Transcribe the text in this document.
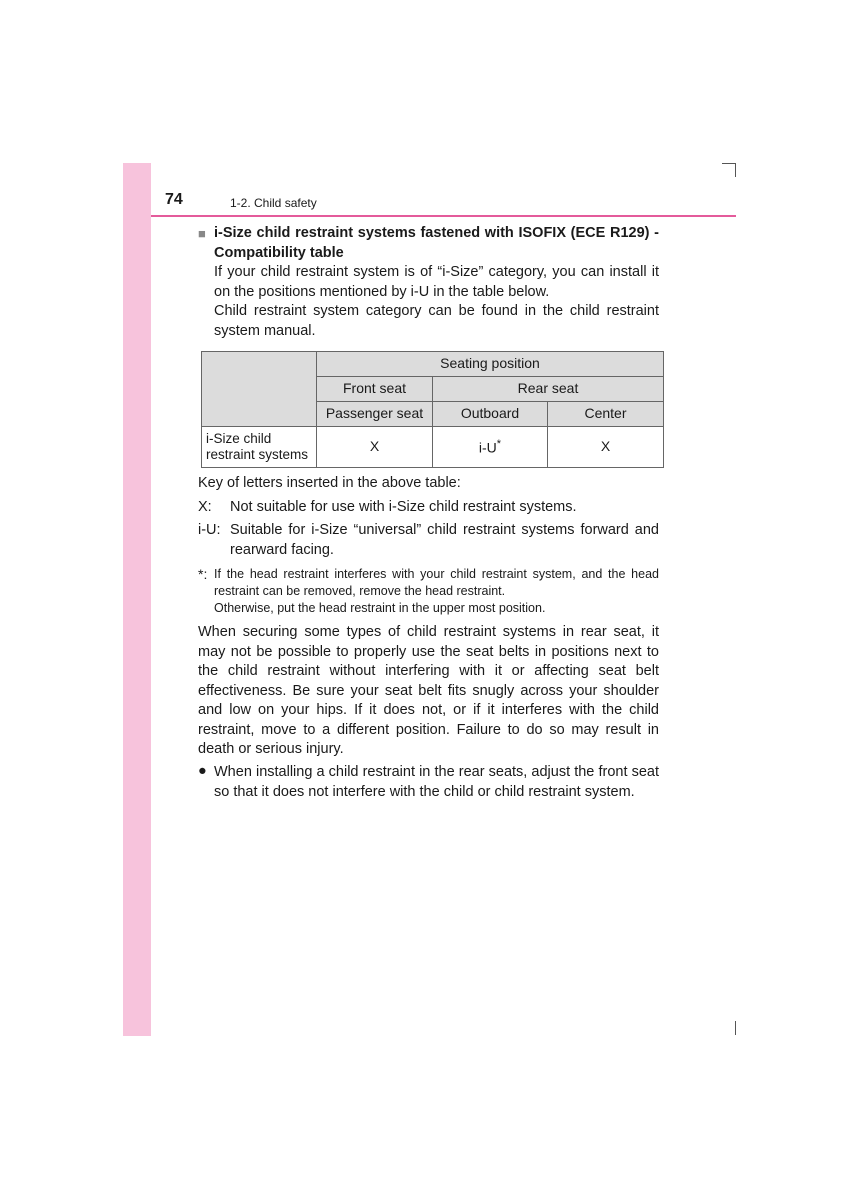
74	1-2. Child safety
■ i-Size child restraint systems fastened with ISOFIX (ECE R129) - Compatibility table

If your child restraint system is of “i-Size” category, you can install it on the positions mentioned by i-U in the table below.

Child restraint system category can be found in the child restraint system manual.

	Seating position		
	Front seat	Rear seat	
	Passenger seat	Outboard	Center
i-Size child restraint systems	X	i-U*	X

Key of letters inserted in the above table:

X:	Not suitable for use with i-Size child restraint systems.
i-U: Suitable for i-Size “universal” child restraint systems forward and rearward facing.
*: If the head restraint interferes with your child restraint system, and the head restraint can be removed, remove the head restraint.

Otherwise, put the head restraint in the upper most position.

When securing some types of child restraint systems in rear seat, it may not be possible to properly use the seat belts in positions next to the child restraint without interfering with it or affecting seat belt effectiveness. Be sure your seat belt fits snugly across your shoulder and low on your hips. If it does not, or if it interferes with the child restraint, move to a different position. Failure to do so may result in death or serious injury.

● When installing a child restraint in the rear seats, adjust the front seat so that it does not interfere with the child or child restraint system.
